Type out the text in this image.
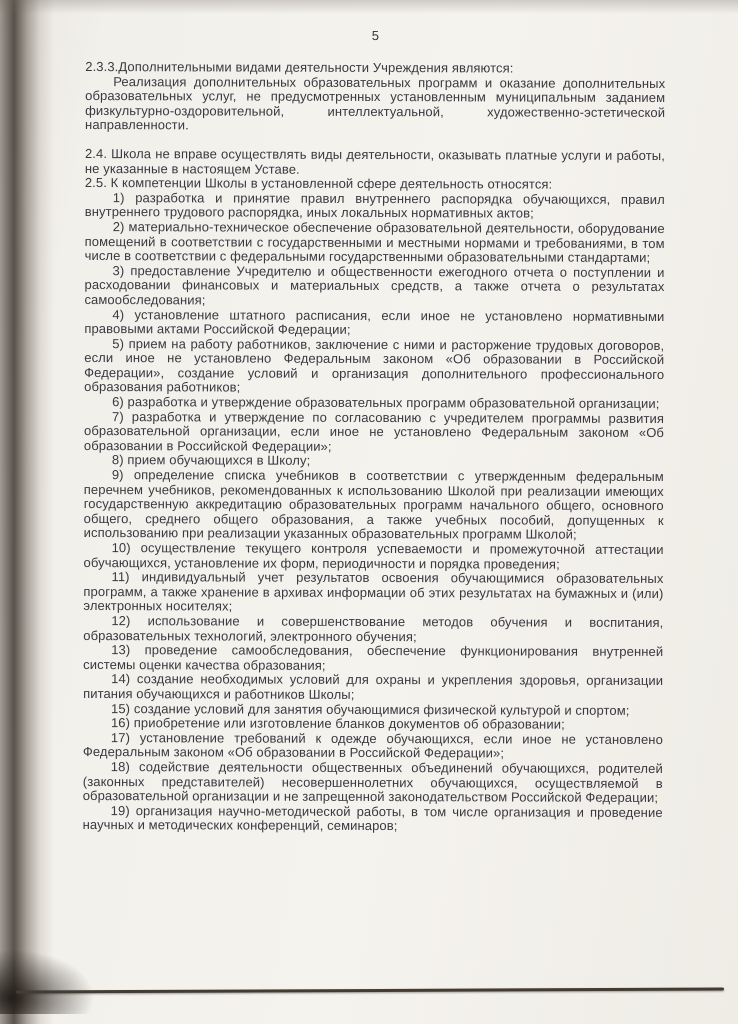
5

2.3.3.Дополнительными видами деятельности Учреждения являются:

Реализация дополнительных образовательных программ и оказание дополнительных образовательных услуг, не предусмотренных установленным муниципальным заданием физкультурно-оздоровительной, интеллектуальной, художественно-эстетической направленности.

2.4. Школа не вправе осуществлять виды деятельности, оказывать платные услуги и работы, не указанные в настоящем Уставе.

2.5. К компетенции Школы в установленной сфере деятельность относятся:

1) разработка и принятие правил внутреннего распорядка обучающихся, правил внутреннего трудового распорядка, иных локальных нормативных актов;

2) материально-техническое обеспечение образовательной деятельности, оборудование помещений в соответствии с государственными и местными нормами и требованиями, в том числе в соответствии с федеральными государственными образовательными стандартами;

3) предоставление Учредителю и общественности ежегодного отчета о поступлении и расходовании финансовых и материальных средств, а также отчета о результатах самообследования;

4) установление штатного расписания, если иное не установлено нормативными правовыми актами Российской Федерации;

5) прием на работу работников, заключение с ними и расторжение трудовых договоров, если иное не установлено Федеральным законом «Об образовании в Российской Федерации», создание условий и организация дополнительного профессионального образования работников;

6) разработка и утверждение образовательных программ образовательной организации;

7) разработка и утверждение по согласованию с учредителем программы развития образовательной организации, если иное не установлено Федеральным законом «Об образовании в Российской Федерации»;

8) прием обучающихся в Школу;

9) определение списка учебников в соответствии с утвержденным федеральным перечнем учебников, рекомендованных к использованию Школой при реализации имеющих государственную аккредитацию образовательных программ начального общего, основного общего, среднего общего образования, а также учебных пособий, допущенных к использованию при реализации указанных образовательных программ Школой;

10) осуществление текущего контроля успеваемости и промежуточной аттестации обучающихся, установление их форм, периодичности и порядка проведения;

11) индивидуальный учет результатов освоения обучающимися образовательных программ, а также хранение в архивах информации об этих результатах на бумажных и (или) электронных носителях;

12) использование и совершенствование методов обучения и воспитания, образовательных технологий, электронного обучения;

13) проведение самообследования, обеспечение функционирования внутренней системы оценки качества образования;

14) создание необходимых условий для охраны и укрепления здоровья, организации питания обучающихся и работников Школы;

15) создание условий для занятия обучающимися физической культурой и спортом;

16) приобретение или изготовление бланков документов об образовании;

17) установление требований к одежде обучающихся, если иное не установлено Федеральным законом «Об образовании в Российской Федерации»;

18) содействие деятельности общественных объединений обучающихся, родителей (законных представителей) несовершеннолетних обучающихся, осуществляемой в образовательной организации и не запрещенной законодательством Российской Федерации;

19) организация научно-методической работы, в том числе организация и проведение научных и методических конференций, семинаров;
